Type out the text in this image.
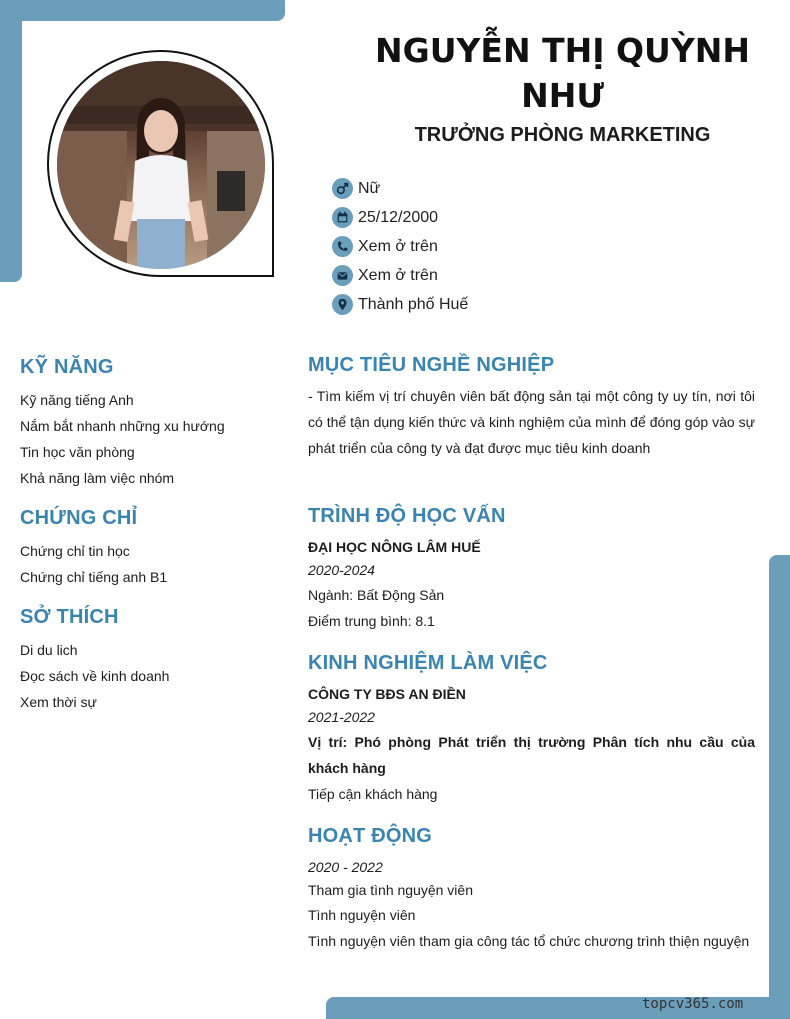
NGUYỄN THỊ QUỲNH NHƯ
TRƯỞNG PHÒNG MARKETING
Nữ
25/12/2000
Xem ở trên
Xem ở trên
Thành phố Huế
KỸ NĂNG
Kỹ năng tiếng Anh
Nắm bắt nhanh những xu hướng
Tin học văn phòng
Khả năng làm việc nhóm
CHỨNG CHỈ
Chứng chỉ tin học
Chứng chỉ tiếng anh B1
SỞ THÍCH
Di du lich
Đọc sách về kinh doanh
Xem thời sự
MỤC TIÊU NGHỀ NGHIỆP

- Tìm kiếm vị trí chuyên viên bất động sản tại một công ty uy tín, nơi tôi có thể tận dụng kiến thức và kinh nghiệm của mình để đóng góp vào sự phát triển của công ty và đạt được mục tiêu kinh doanh

TRÌNH ĐỘ HỌC VẤN
ĐẠI HỌC NÔNG LÂM HUẾ
2020-2024
Ngành: Bất Động Sản
Điểm trung bình: 8.1
KINH NGHIỆM LÀM VIỆC
CÔNG TY BĐS AN ĐIỀN
2021-2022

Vị trí: Phó phòng Phát triển thị trường Phân tích nhu cầu của khách hàng

Tiếp cận khách hàng
HOẠT ĐỘNG
2020 - 2022
Tham gia tình nguyện viên
Tình nguyện viên
Tình nguyện viên tham gia công tác tổ chức chương trình thiện nguyện
topcv365.com
